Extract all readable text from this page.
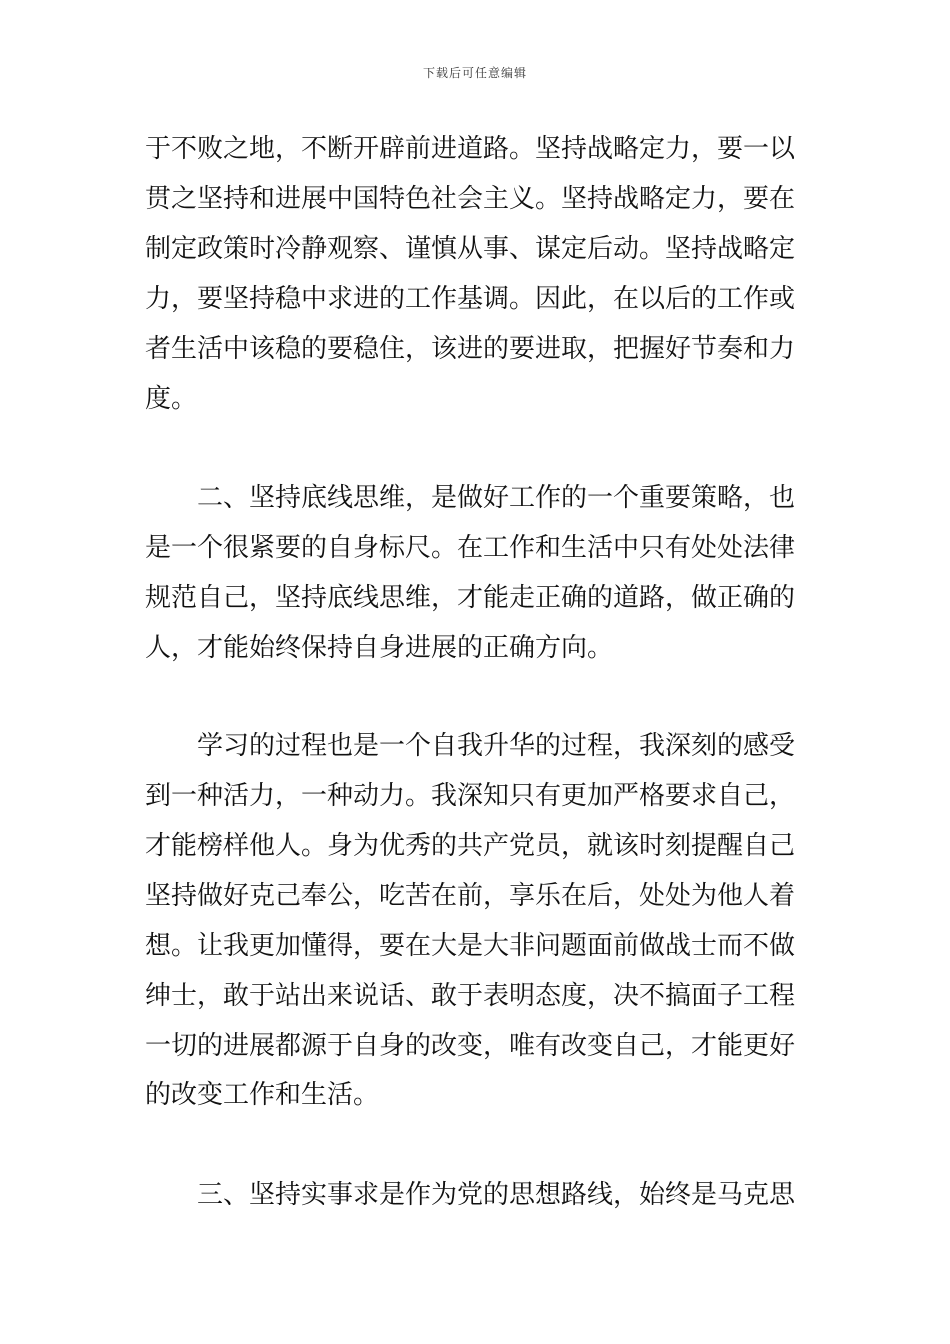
下载后可任意编辑
于不败之地，不断开辟前进道路。坚持战略定力，要一以
贯之坚持和进展中国特色社会主义。坚持战略定力，要在
制定政策时冷静观察、谨慎从事、谋定后动。坚持战略定
力，要坚持稳中求进的工作基调。因此，在以后的工作或
者生活中该稳的要稳住，该进的要进取，把握好节奏和力
度。
　　二、坚持底线思维，是做好工作的一个重要策略，也
是一个很紧要的自身标尺。在工作和生活中只有处处法律
规范自己，坚持底线思维，才能走正确的道路，做正确的
人，才能始终保持自身进展的正确方向。
　　学习的过程也是一个自我升华的过程，我深刻的感受
到一种活力，一种动力。我深知只有更加严格要求自己，
才能榜样他人。身为优秀的共产党员，就该时刻提醒自己
坚持做好克己奉公，吃苦在前，享乐在后，处处为他人着
想。让我更加懂得，要在大是大非问题面前做战士而不做
绅士，敢于站出来说话、敢于表明态度，决不搞面子工程
一切的进展都源于自身的改变，唯有改变自己，才能更好
的改变工作和生活。
　　三、坚持实事求是作为党的思想路线，始终是马克思
